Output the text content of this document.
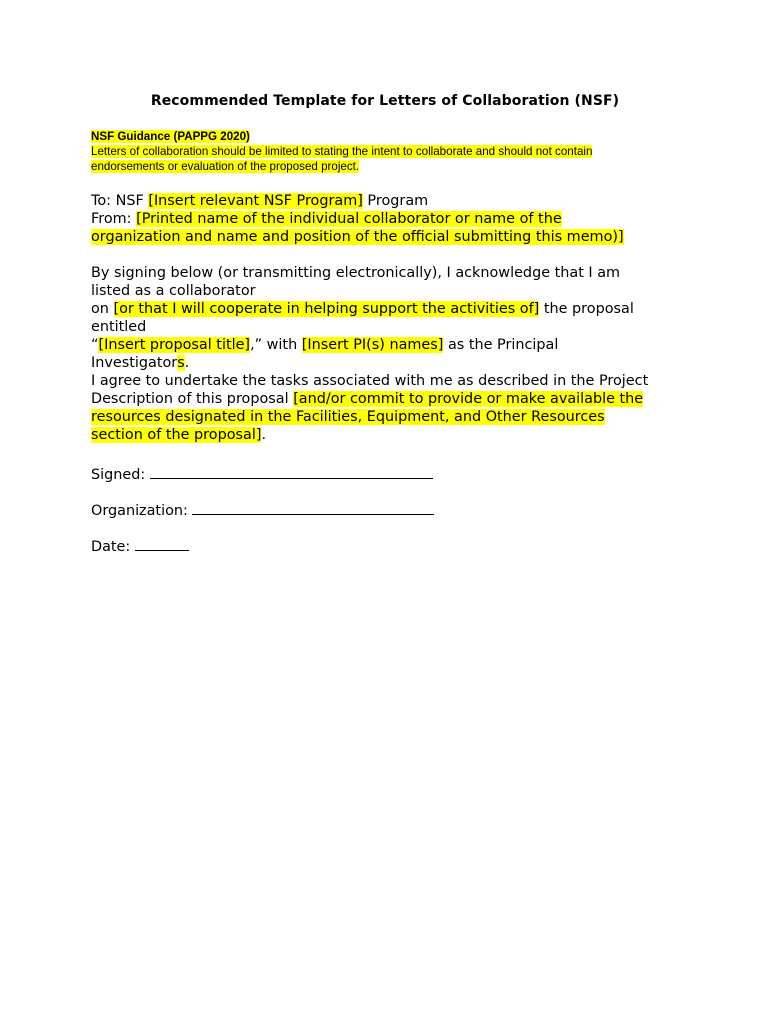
Recommended Template for Letters of Collaboration (NSF)
NSF Guidance (PAPPG 2020)
Letters of collaboration should be limited to stating the intent to collaborate and should not contain
endorsements or evaluation of the proposed project.
To: NSF [Insert relevant NSF Program] Program
From: [Printed name of the individual collaborator or name of the
organization and name and position of the official submitting this memo)]
By signing below (or transmitting electronically), I acknowledge that I am
listed as a collaborator
on [or that I will cooperate in helping support the activities of] the proposal
entitled
“[Insert proposal title],” with [Insert PI(s) names] as the Principal
Investigators.
I agree to undertake the tasks associated with me as described in the Project
Description of this proposal [and/or commit to provide or make available the
resources designated in the Facilities, Equipment, and Other Resources
section of the proposal].
Signed:
Organization:
Date:
